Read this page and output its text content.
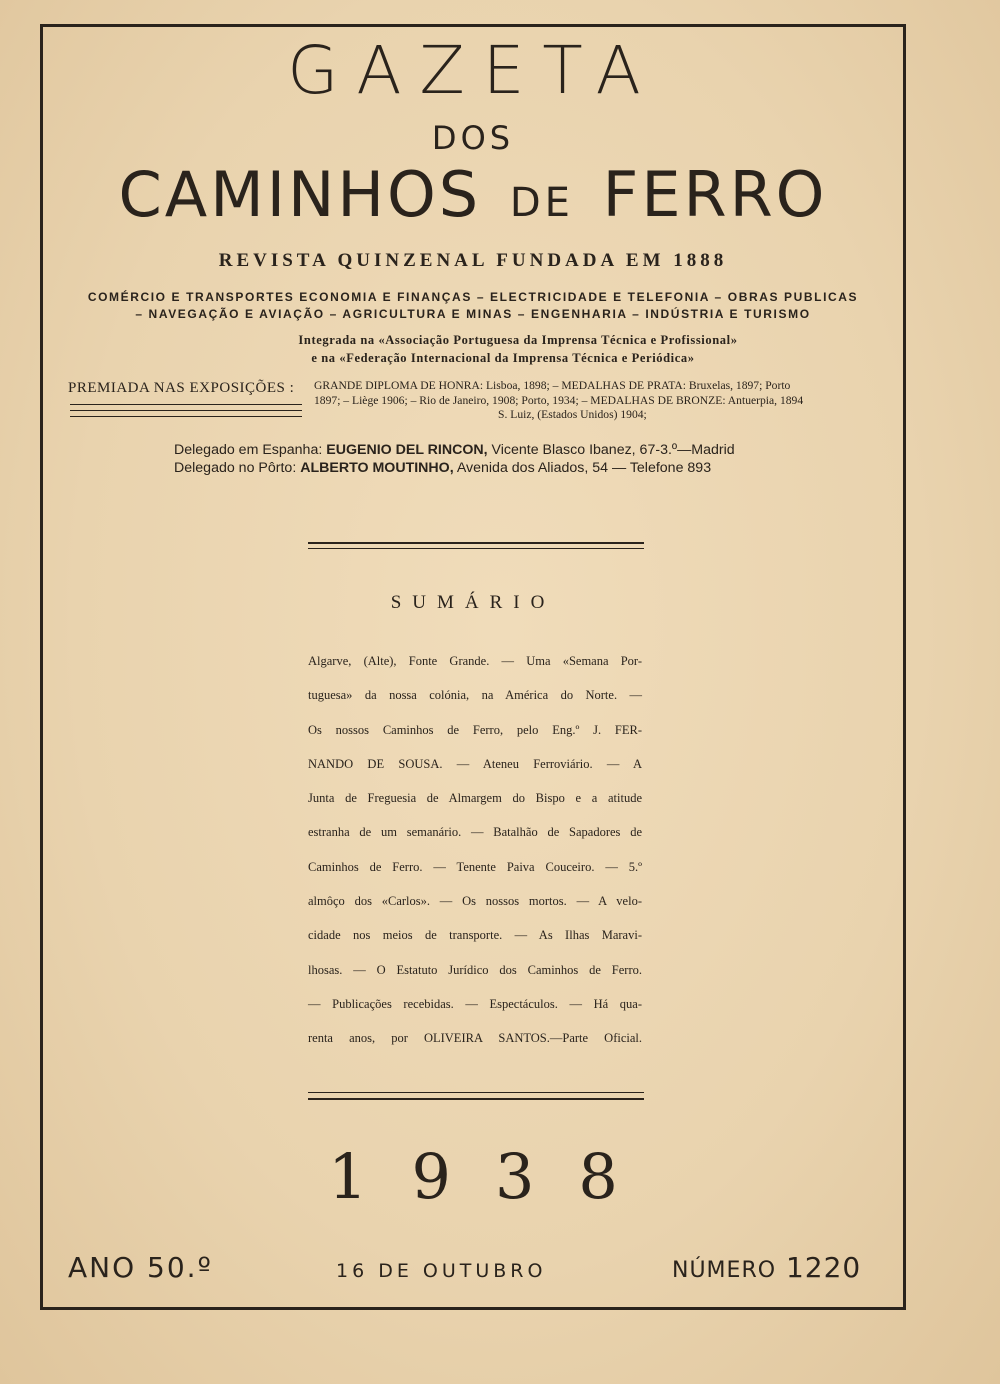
GAZETA
DOS
CAMINHOS DE FERRO
REVISTA QUINZENAL FUNDADA EM 1888
COMÉRCIO E TRANSPORTES ECONOMIA E FINANÇAS – ELECTRICIDADE E TELEFONIA – OBRAS PUBLICAS
– NAVEGAÇÃO E AVIAÇÃO – AGRICULTURA E MINAS – ENGENHARIA – INDÚSTRIA E TURISMO
Integrada na «Associação Portuguesa da Imprensa Técnica e Profissional»
e na «Federação Internacional da Imprensa Técnica e Periódica»
PREMIADA NAS EXPOSIÇÕES : GRANDE DIPLOMA DE HONRA: Lisboa, 1898; – MEDALHAS DE PRATA: Bruxelas, 1897; Porto
1897; – Liège 1906; – Rio de Janeiro, 1908; Porto, 1934; – MEDALHAS DE BRONZE: Antuerpia, 1894
S. Luiz, (Estados Unidos) 1904;
Delegado em Espanha: EUGENIO DEL RINCON, Vicente Blasco Ibanez, 67-3.º—Madrid
Delegado no Pôrto: ALBERTO MOUTINHO, Avenida dos Aliados, 54 — Telefone 893
SUMÁRIO
Algarve, (Alte), Fonte Grande. — Uma «Semana Por-
tuguesa» da nossa colónia, na América do Norte. —
Os nossos Caminhos de Ferro, pelo Eng.º J. FER-
NANDO DE SOUSA. — Ateneu Ferroviário. — A
Junta de Freguesia de Almargem do Bispo e a atitude
estranha de um semanário. — Batalhão de Sapadores de
Caminhos de Ferro. — Tenente Paiva Couceiro. — 5.º
almôço dos «Carlos». — Os nossos mortos. — A velo-
cidade nos meios de transporte. — As Ilhas Maravi-
lhosas. — O Estatuto Jurídico dos Caminhos de Ferro.
— Publicações recebidas. — Espectáculos. — Há qua-
renta anos, por OLIVEIRA SANTOS.—Parte Oficial.
1938
ANO 50.º	16 DE OUTUBRO	NÚMERO 1220
